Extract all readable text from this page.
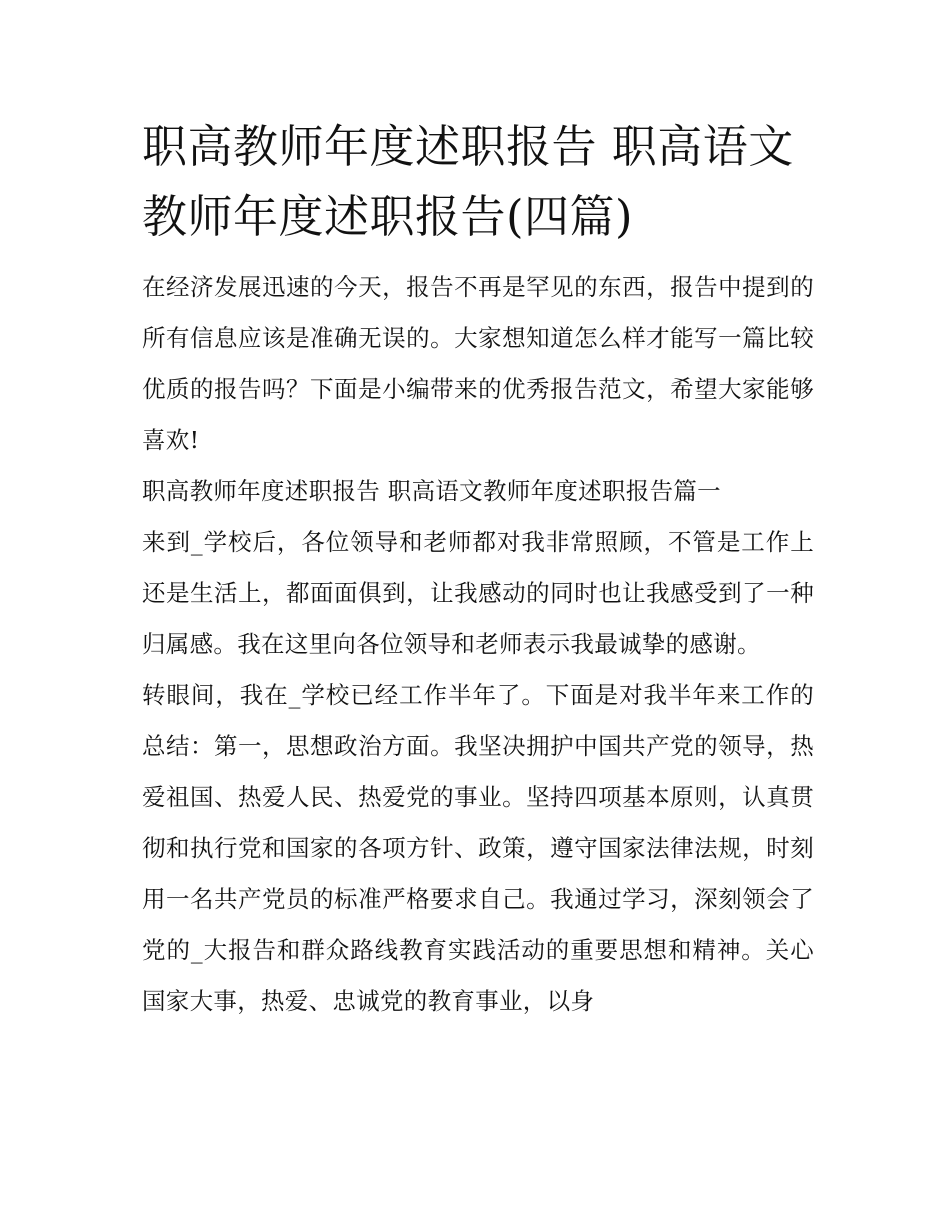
职高教师年度述职报告 职高语文教师年度述职报告(四篇)

在经济发展迅速的今天，报告不再是罕见的东西，报告中提到的所有信息应该是准确无误的。大家想知道怎么样才能写一篇比较优质的报告吗？下面是小编带来的优秀报告范文，希望大家能够喜欢!

职高教师年度述职报告 职高语文教师年度述职报告篇一

来到_学校后，各位领导和老师都对我非常照顾，不管是工作上还是生活上，都面面俱到，让我感动的同时也让我感受到了一种归属感。我在这里向各位领导和老师表示我最诚挚的感谢。

转眼间，我在_学校已经工作半年了。下面是对我半年来工作的总结：第一，思想政治方面。我坚决拥护中国共产党的领导，热爱祖国、热爱人民、热爱党的事业。坚持四项基本原则，认真贯彻和执行党和国家的各项方针、政策，遵守国家法律法规，时刻用一名共产党员的标准严格要求自己。我通过学习，深刻领会了党的_大报告和群众路线教育实践活动的重要思想和精神。关心国家大事，热爱、忠诚党的教育事业，以身
